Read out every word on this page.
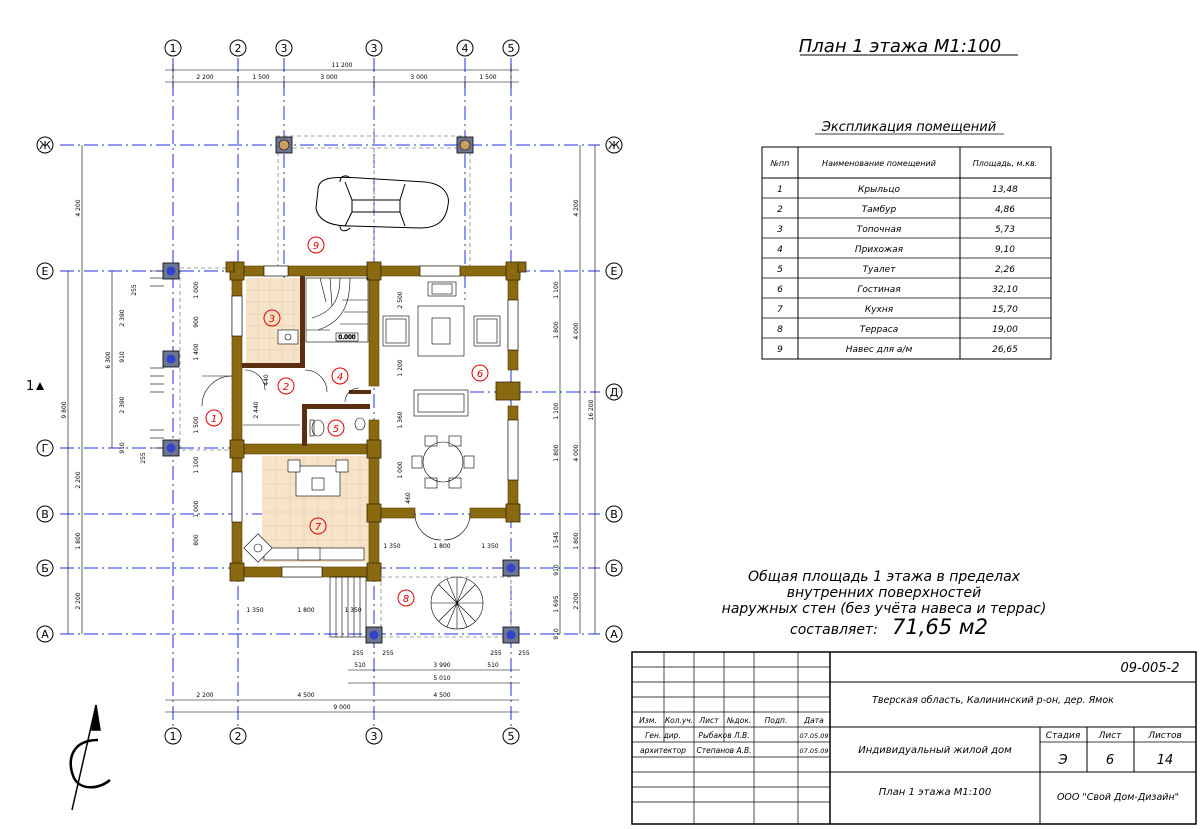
План 1 этажа М1:100
1	2	3	3	4	5
1	2	3	5
Ж
Е
Г
В
Б
А
Ж
Е
Д
В
Б
А
11 200
2 200	1 500	3 000	3 000	1 500
2 200	4 500	4 500
9 000
510	3 990	510
5 010
255	255	255	255
9 800
4 200
6 300
2 200
1 800
2 200
16 200
4 200
4 000
4 000
1 800
2 200
1 350	1 800	1 350
1 350	1 800	1 350
1 800
1 800
1 100
1 100
1 000
1 000
2 390
2 390
910
910
2 500
1 200
1 360
1 500
800
1 100
2 440
1 400
900
1 000
440
460
1 545
1 695
910
910
255
255
0.000
1
2
3
4
5
6
7
8
9
1
Экспликация помещений
№пп	Наименование помещений	Площадь, м.кв.
1	Крыльцо	13,48
2	Тамбур	4,86
3	Топочная	5,73
4	Прихожая	9,10
5	Туалет	2,26
6	Гостиная	32,10
7	Кухня	15,70
8	Терраса	19,00
9	Навес для а/м	26,65
Общая площадь 1 этажа в пределах
внутренних поверхностей
наружных стен (без учёта навеса и террас)
составляет: 71,65 м2
Изм. Кол.уч. Лист №док. Подп. Дата
Ген. дир. Рыбаков Л.В.	07.05.09
архитектор Степанов А.В.	07.05.09
09-005-2
Тверская область, Калининский р-он, дер. Ямок
Индивидуальный жилой дом
План 1 этажа М1:100	ООО "Свой Дом-Дизайн"
Стадия Лист	Листов
Э	6	14
